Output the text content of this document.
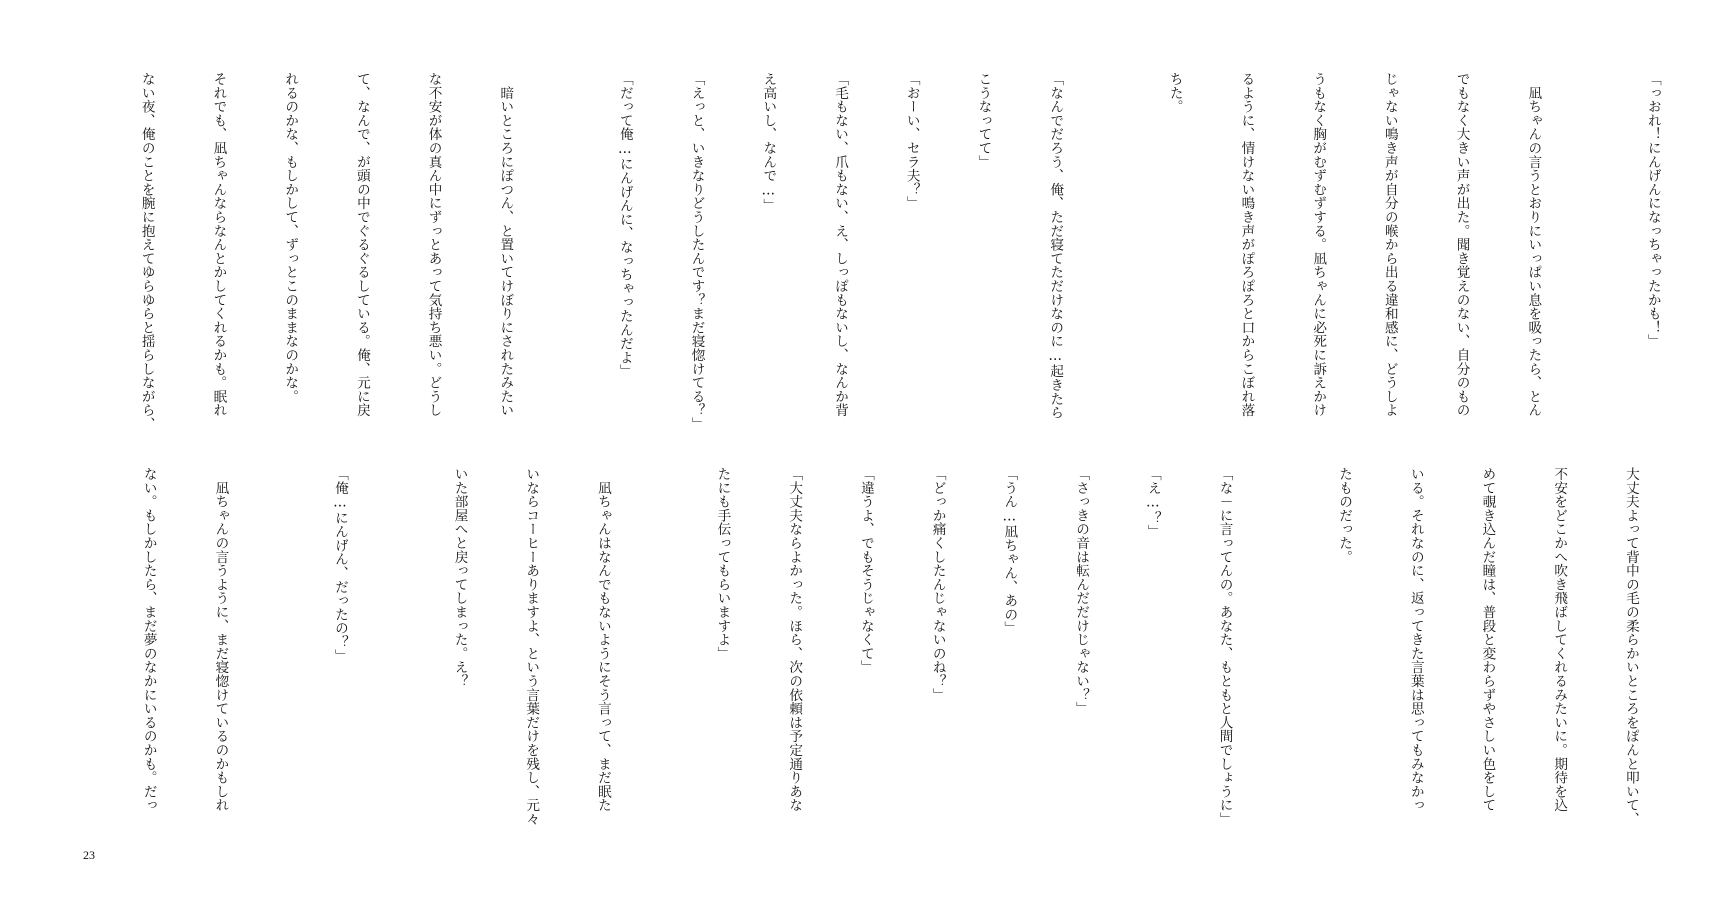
「っおれ！にんげんになっちゃったかも！」

　凪ちゃんの言うとおりにいっぱい息を吸ったら、とん

でもなく大きい声が出た。聞き覚えのない、自分のもの

じゃない鳴き声が自分の喉から出る違和感に、どうしよ

うもなく胸がむずむずする。凪ちゃんに必死に訴えかけ

るように、情けない鳴き声がぽろぽろと口からこぼれ落

ちた。

「なんでだろう、俺、ただ寝てただけなのに…起きたら

こうなってて」

「おーい、セラ夫？」

「毛もない、爪もない、え、しっぽもないし、なんか背

え高いし、なんで…」

「えっと、いきなりどうしたんです？まだ寝惚けてる？」

「だって俺…にんげんに、なっちゃったんだよ」

　暗いところにぽつん、と置いてけぼりにされたみたい

な不安が体の真ん中にずっとあって気持ち悪い。どうし

て、なんで、が頭の中でぐるぐるしている。俺、元に戻

れるのかな、もしかして、ずっとこのままなのかな。

それでも、凪ちゃんならなんとかしてくれるかも。眠れ

ない夜、俺のことを腕に抱えてゆらゆらと揺らしながら、

大丈夫よって背中の毛の柔らかいところをぽんと叩いて、

不安をどこかへ吹き飛ばしてくれるみたいに。期待を込

めて覗き込んだ瞳は、普段と変わらずやさしい色をして

いる。それなのに、返ってきた言葉は思ってもみなかっ

たものだった。

「な－に言ってんの。あなた、もともと人間でしょうに」

「え…？」

「さっきの音は転んだだけじゃない？」

「うん…凪ちゃん、あの」

「どっか痛くしたんじゃないのね？」

「違うよ、でもそうじゃなくて」

「大丈夫ならよかった。ほら、次の依頼は予定通りあな

たにも手伝ってもらいますよ」

　凪ちゃんはなんでもないようにそう言って、まだ眠た

いならコーヒーありますよ、という言葉だけを残し、元々

いた部屋へと戻ってしまった。え？

「俺…にんげん、だったの？」

　凪ちゃんの言うように、まだ寝惚けているのかもしれ

ない。もしかしたら、まだ夢のなかにいるのかも。だっ

23
